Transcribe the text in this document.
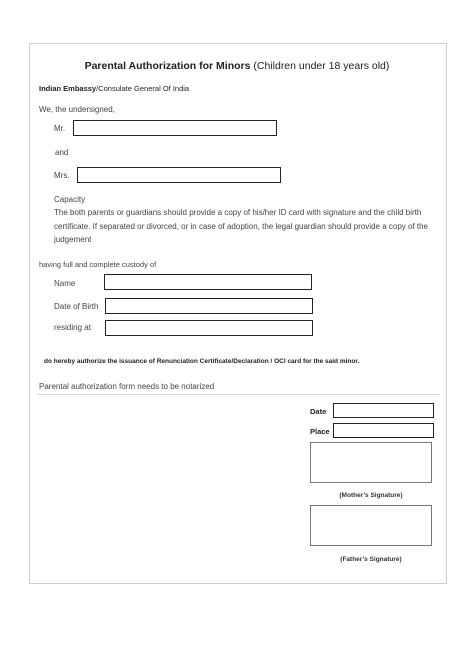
Parental Authorization for Minors (Children under 18 years old)
Indian Embassy/Consulate General Of India
We, the undersigned,
Mr.
and
Mrs.
Capacity
The both parents or guardians should provide a copy of his/her ID card with signature and the child birth certificate. If separated or divorced, or in case of adoption, the legal guardian should provide a copy of the judgement
having full and complete custody of
Name
Date of Birth
residing at
do hereby authorize the issuance of Renunciation Certificate/Declaration / OCI card for the said minor.
Parental authorization form needs to be notarized
Date
Place
(Mother’s Signature)
(Father’s Signature)
